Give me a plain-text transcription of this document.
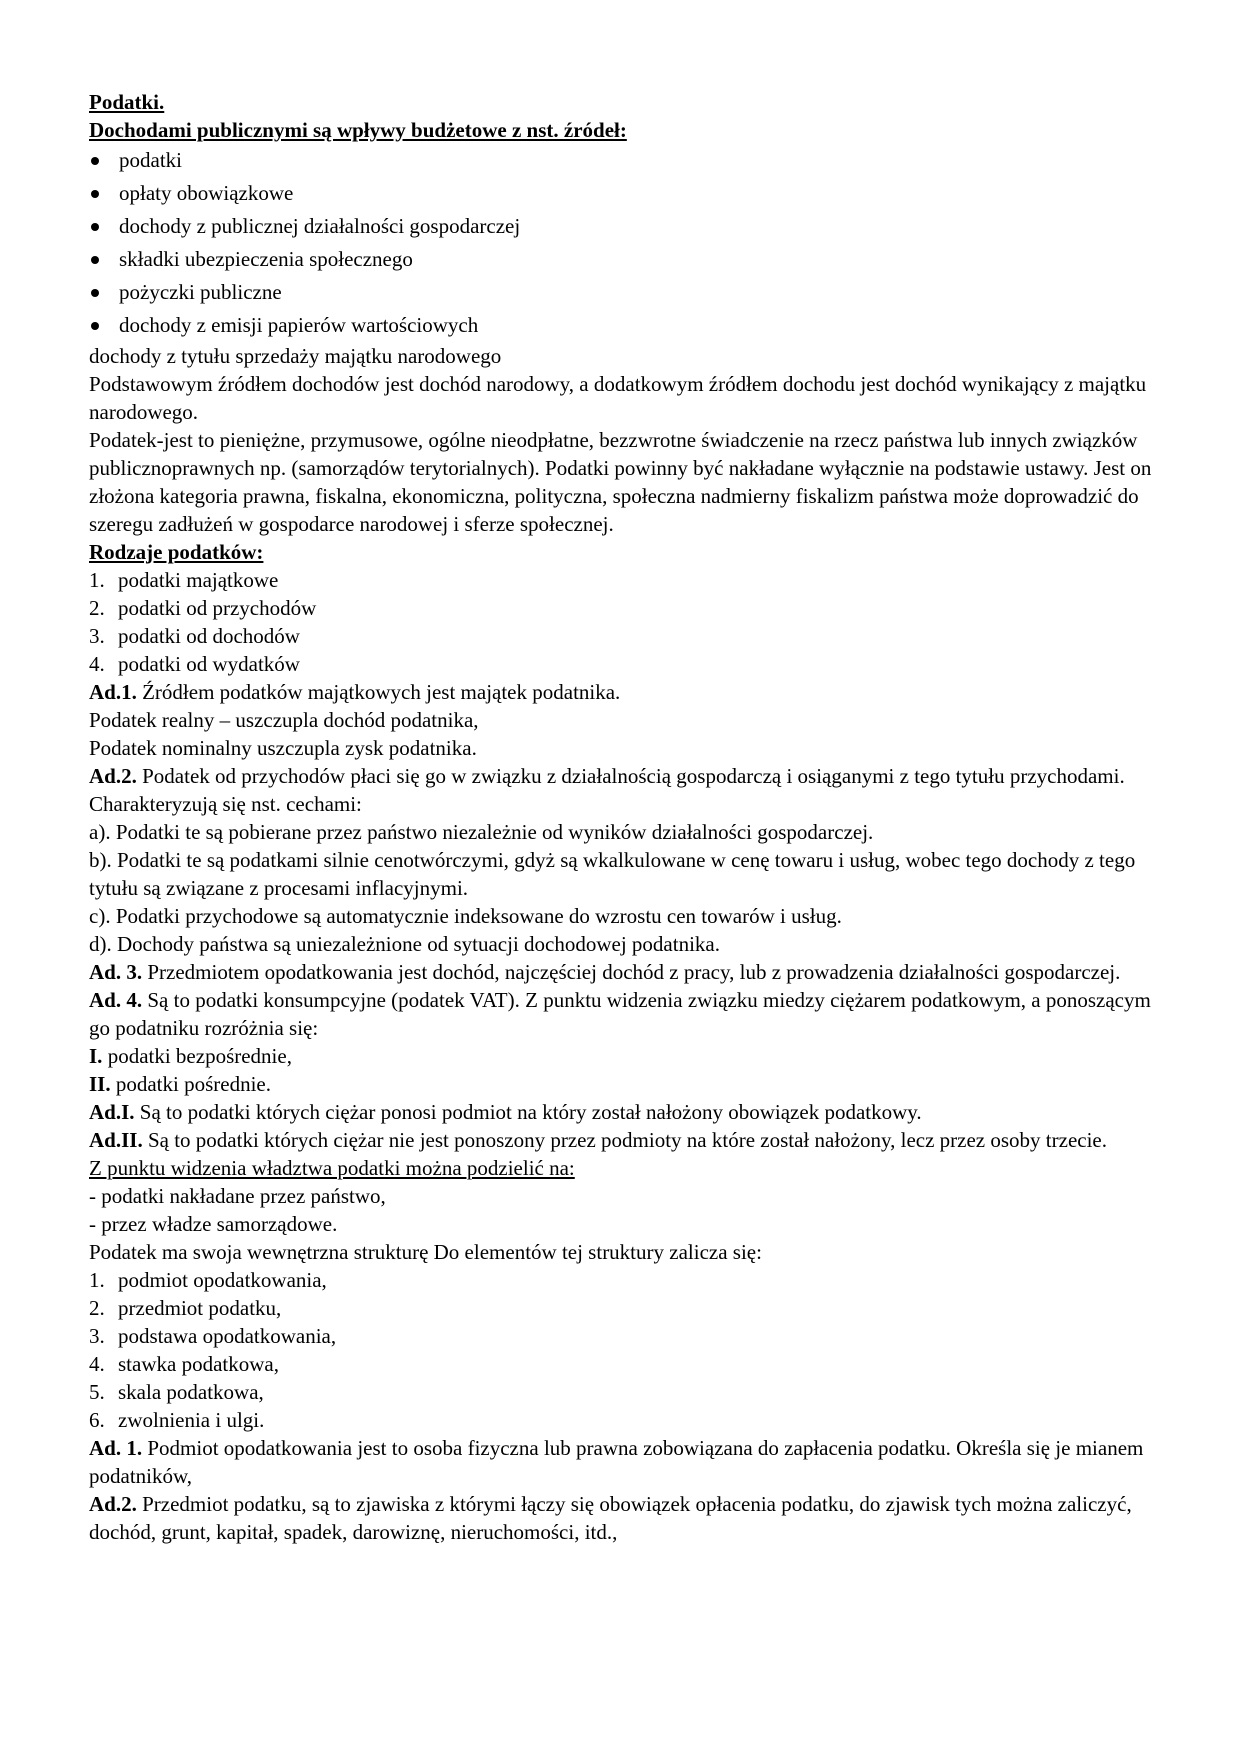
Podatki.

Dochodami publicznymi są wpływy budżetowe z nst. źródeł:

podatki
opłaty obowiązkowe
dochody z publicznej działalności gospodarczej
składki ubezpieczenia społecznego
pożyczki publiczne
dochody z emisji papierów wartościowych

dochody z tytułu sprzedaży majątku narodowego

Podstawowym źródłem dochodów jest dochód narodowy, a dodatkowym źródłem dochodu jest dochód wynikający z majątku narodowego.

Podatek-jest to pieniężne, przymusowe, ogólne nieodpłatne, bezzwrotne świadczenie na rzecz państwa lub innych związków publicznoprawnych np. (samorządów terytorialnych). Podatki powinny być nakładane wyłącznie na podstawie ustawy. Jest on złożona kategoria prawna, fiskalna, ekonomiczna, polityczna, społeczna nadmierny fiskalizm państwa może doprowadzić do szeregu zadłużeń w gospodarce narodowej i sferze społecznej.

Rodzaje podatków:

1. podatki majątkowe
2. podatki od przychodów
3. podatki od dochodów
4. podatki od wydatków

Ad.1. Źródłem podatków majątkowych jest majątek podatnika.

Podatek realny – uszczupla dochód podatnika,

Podatek nominalny uszczupla zysk podatnika.

Ad.2. Podatek od przychodów płaci się go w związku z działalnością gospodarczą i osiąganymi z tego tytułu przychodami. Charakteryzują się nst. cechami:

a). Podatki te są pobierane przez państwo niezależnie od wyników działalności gospodarczej.

b). Podatki te są podatkami silnie cenotwórczymi, gdyż są wkalkulowane w cenę towaru i usług, wobec tego dochody z tego tytułu są związane z procesami inflacyjnymi.

c). Podatki przychodowe są automatycznie indeksowane do wzrostu cen towarów i usług.

d). Dochody państwa są uniezależnione od sytuacji dochodowej podatnika.

Ad. 3. Przedmiotem opodatkowania jest dochód, najczęściej dochód z pracy, lub z prowadzenia działalności gospodarczej.

Ad. 4. Są to podatki konsumpcyjne (podatek VAT). Z punktu widzenia związku miedzy ciężarem podatkowym, a ponoszącym go podatniku rozróżnia się:

I. podatki bezpośrednie,

II. podatki pośrednie.

Ad.I. Są to podatki których ciężar ponosi podmiot na który został nałożony obowiązek podatkowy.

Ad.II. Są to podatki których ciężar nie jest ponoszony przez podmioty na które został nałożony, lecz przez osoby trzecie.

Z punktu widzenia władztwa podatki można podzielić na:

- podatki nakładane przez państwo,

- przez władze samorządowe.

Podatek ma swoja wewnętrzna strukturę Do elementów tej struktury zalicza się:

1. podmiot opodatkowania,
2. przedmiot podatku,
3. podstawa opodatkowania,
4. stawka podatkowa,
5. skala podatkowa,
6. zwolnienia i ulgi.

Ad. 1. Podmiot opodatkowania jest to osoba fizyczna lub prawna zobowiązana do zapłacenia podatku. Określa się je mianem podatników,

Ad.2. Przedmiot podatku, są to zjawiska z którymi łączy się obowiązek opłacenia podatku, do zjawisk tych można zaliczyć, dochód, grunt, kapitał, spadek, darowiznę, nieruchomości, itd.,
